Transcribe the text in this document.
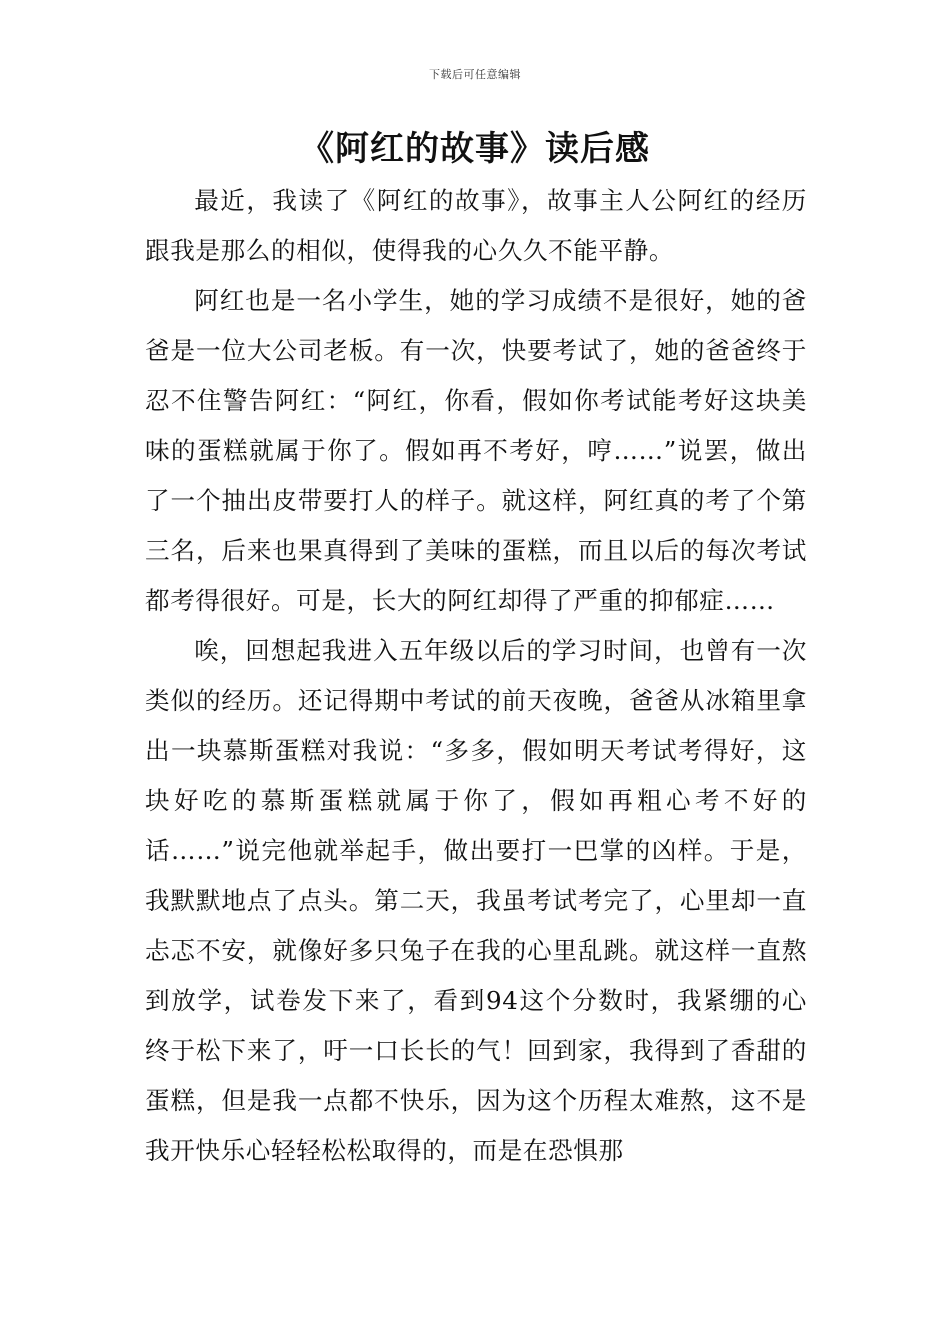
下载后可任意编辑
《阿红的故事》读后感

最近，我读了《阿红的故事》，故事主人公阿红的经历跟我是那么的相似，使得我的心久久不能平静。

阿红也是一名小学生，她的学习成绩不是很好，她的爸爸是一位大公司老板。有一次，快要考试了，她的爸爸终于忍不住警告阿红：“阿红，你看，假如你考试能考好这块美味的蛋糕就属于你了。假如再不考好，哼……”说罢，做出了一个抽出皮带要打人的样子。就这样，阿红真的考了个第三名，后来也果真得到了美味的蛋糕，而且以后的每次考试都考得很好。可是，长大的阿红却得了严重的抑郁症……

唉，回想起我进入五年级以后的学习时间，也曾有一次类似的经历。还记得期中考试的前天夜晚，爸爸从冰箱里拿出一块慕斯蛋糕对我说：“多多，假如明天考试考得好，这块好吃的慕斯蛋糕就属于你了，假如再粗心考不好的话……”说完他就举起手，做出要打一巴掌的凶样。于是，我默默地点了点头。第二天，我虽考试考完了，心里却一直忐忑不安，就像好多只兔子在我的心里乱跳。就这样一直熬到放学，试卷发下来了，看到94这个分数时，我紧绷的心终于松下来了，吁一口长长的气！回到家，我得到了香甜的蛋糕，但是我一点都不快乐，因为这个历程太难熬，这不是我开快乐心轻轻松松取得的，而是在恐惧那
